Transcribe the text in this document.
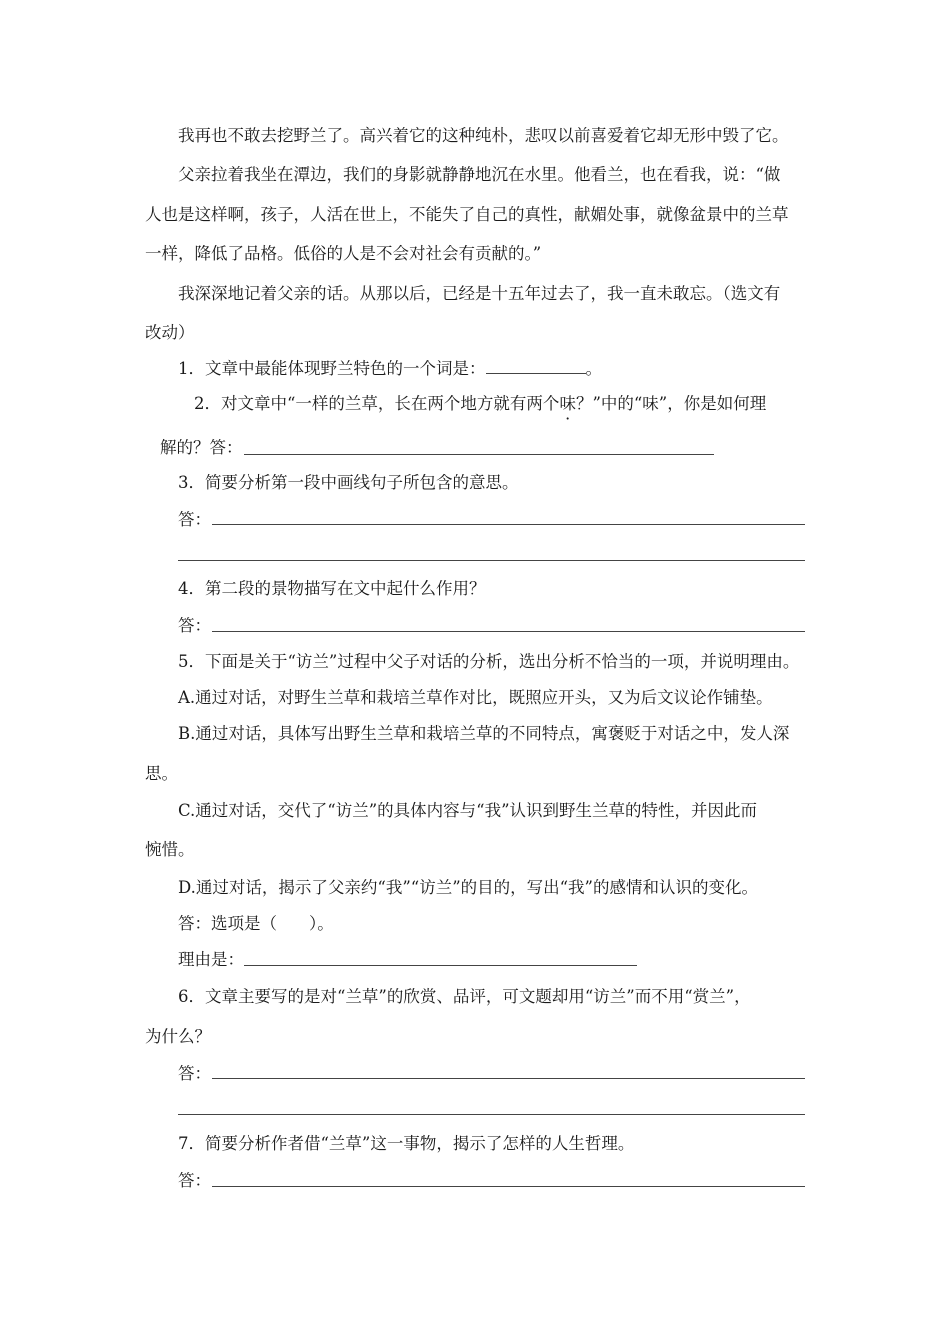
我再也不敢去挖野兰了。高兴着它的这种纯朴，悲叹以前喜爱着它却无形中毁了它。
父亲拉着我坐在潭边，我们的身影就静静地沉在水里。他看兰，也在看我，说：“做
人也是这样啊，孩子，人活在世上，不能失了自己的真性，献媚处事，就像盆景中的兰草
一样，降低了品格。低俗的人是不会对社会有贡献的。”
我深深地记着父亲的话。从那以后，已经是十五年过去了，我一直未敢忘。（选文有
改动）
1．文章中最能体现野兰特色的一个词是：	。
2．对文章中“一样的兰草，长在两个地方就有两个味？”中的“味”，你是如何理
解的？答：
3．简要分析第一段中画线句子所包含的意思。
答：
4．第二段的景物描写在文中起什么作用？
答：
5．下面是关于“访兰”过程中父子对话的分析，选出分析不恰当的一项，并说明理由。
A.通过对话，对野生兰草和栽培兰草作对比，既照应开头，又为后文议论作铺垫。
B.通过对话，具体写出野生兰草和栽培兰草的不同特点，寓褒贬于对话之中，发人深
思。
C.通过对话，交代了“访兰”的具体内容与“我”认识到野生兰草的特性，并因此而
惋惜。
D.通过对话，揭示了父亲约“我”“访兰”的目的，写出“我”的感情和认识的变化。
答：选项是（ ）。
理由是：
6．文章主要写的是对“兰草”的欣赏、品评，可文题却用“访兰”而不用“赏兰”，
为什么？
答：
7．简要分析作者借“兰草”这一事物，揭示了怎样的人生哲理。
答：
